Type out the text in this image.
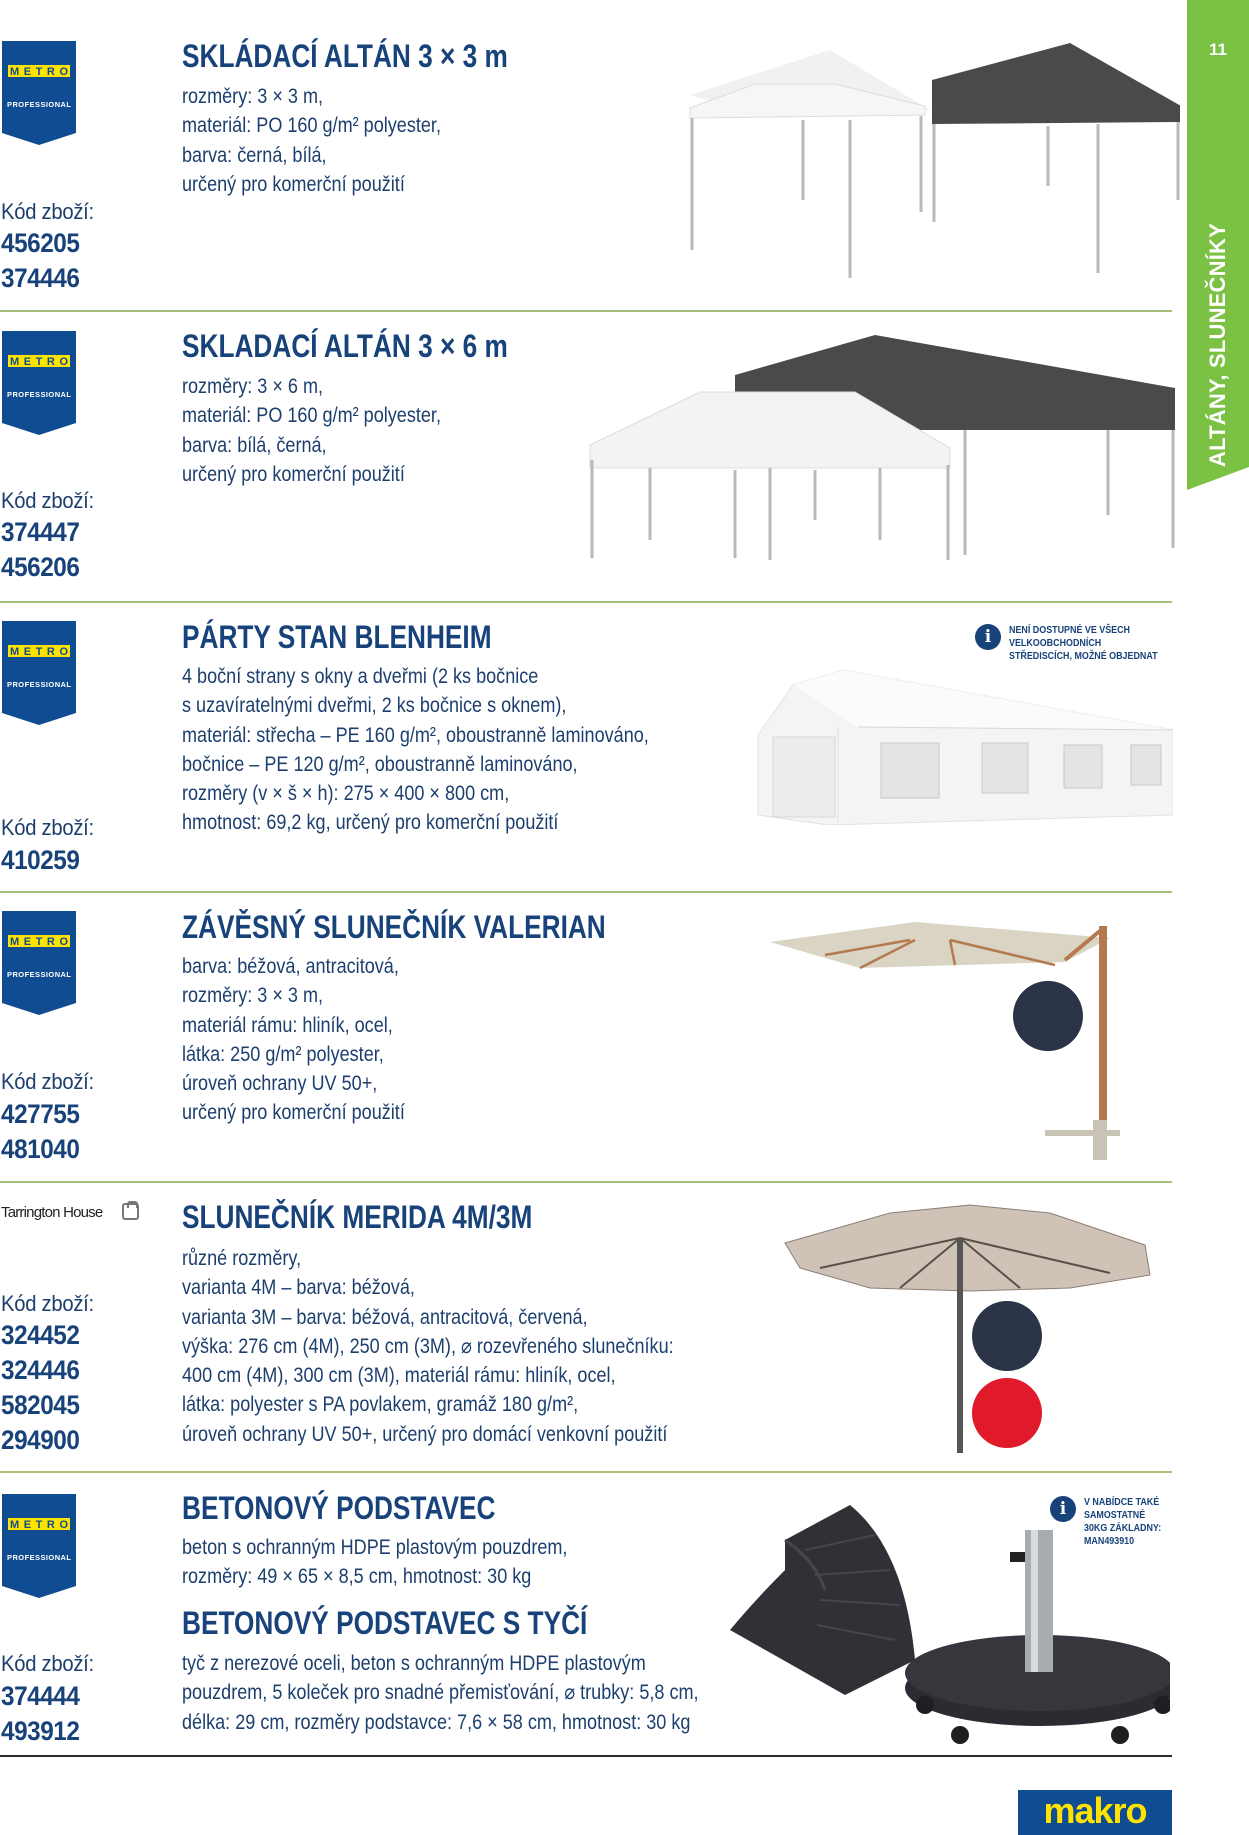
11
ALTÁNY, SLUNEČNÍKY
SKLÁDACÍ ALTÁN 3 × 3 m
rozměry: 3 × 3 m,
materiál: PO 160 g/m² polyester,
barva: černá, bílá,
určený pro komerční použití
Kód zboží:
456205
374446
SKLADACÍ ALTÁN 3 × 6 m
rozměry: 3 × 6 m,
materiál: PO 160 g/m² polyester,
barva: bílá, černá,
určený pro komerční použití
Kód zboží:
374447
456206
PÁRTY STAN BLENHEIM
4 boční strany s okny a dveřmi (2 ks bočnice
s uzavíratelnými dveřmi, 2 ks bočnice s oknem),
materiál: střecha – PE 160 g/m², oboustranně laminováno,
bočnice – PE 120 g/m², oboustranně laminováno,
rozměry (v × š × h): 275 × 400 × 800 cm,
hmotnost: 69,2 kg, určený pro komerční použití
Kód zboží:
410259
i	NENÍ DOSTUPNÉ VE VŠECH
VELKOOBCHODNÍCH
STŘEDISCÍCH, MOŽNÉ OBJEDNAT
ZÁVĚSNÝ SLUNEČNÍK VALERIAN
barva: béžová, antracitová,
rozměry: 3 × 3 m,
materiál rámu: hliník, ocel,
látka: 250 g/m² polyester,
úroveň ochrany UV 50+,
určený pro komerční použití
Kód zboží:
427755
481040
Tarrington House SLUNEČNÍK MERIDA 4M/3M
různé rozměry,
varianta 4M – barva: béžová,
varianta 3M – barva: béžová, antracitová, červená,
výška: 276 cm (4M), 250 cm (3M), ⌀ rozevřeného slunečníku:
400 cm (4M), 300 cm (3M), materiál rámu: hliník, ocel,
látka: polyester s PA povlakem, gramáž 180 g/m²,
úroveň ochrany UV 50+, určený pro domácí venkovní použití
Kód zboží:
324452
324446
582045
294900
BETONOVÝ PODSTAVEC
beton s ochranným HDPE plastovým pouzdrem,
rozměry: 49 × 65 × 8,5 cm, hmotnost: 30 kg
BETONOVÝ PODSTAVEC S TYČÍ
tyč z nerezové oceli, beton s ochranným HDPE plastovým
pouzdrem, 5 koleček pro snadné přemisťování, ⌀ trubky: 5,8 cm,
délka: 29 cm, rozměry podstavce: 7,6 × 58 cm, hmotnost: 30 kg
Kód zboží:
374444
493912
i	V NABÍDCE TAKÉ
SAMOSTATNÉ
30KG ZÁKLADNY:
MAN493910
makro
